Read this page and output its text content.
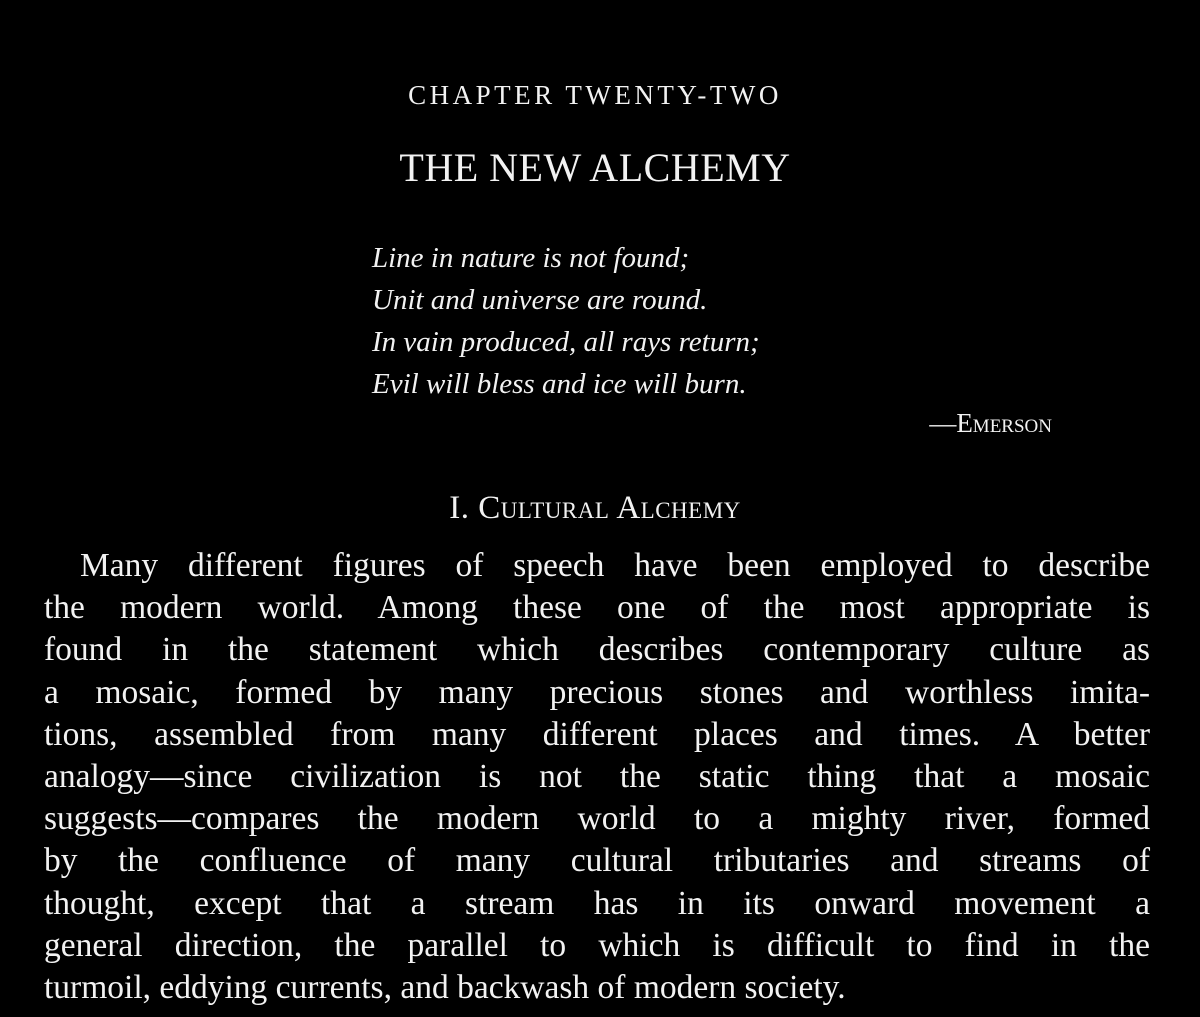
CHAPTER TWENTY-TWO
THE NEW ALCHEMY
Line in nature is not found;
Unit and universe are round.
In vain produced, all rays return;
Evil will bless and ice will burn.
—Emerson
I. Cultural Alchemy
Many different figures of speech have been employed to describe
the modern world. Among these one of the most appropriate is
found in the statement which describes contemporary culture as
a mosaic, formed by many precious stones and worthless imita-
tions, assembled from many different places and times. A better
analogy—since civilization is not the static thing that a mosaic
suggests—compares the modern world to a mighty river, formed
by the confluence of many cultural tributaries and streams of
thought, except that a stream has in its onward movement a
general direction, the parallel to which is difficult to find in the
turmoil, eddying currents, and backwash of modern society.
